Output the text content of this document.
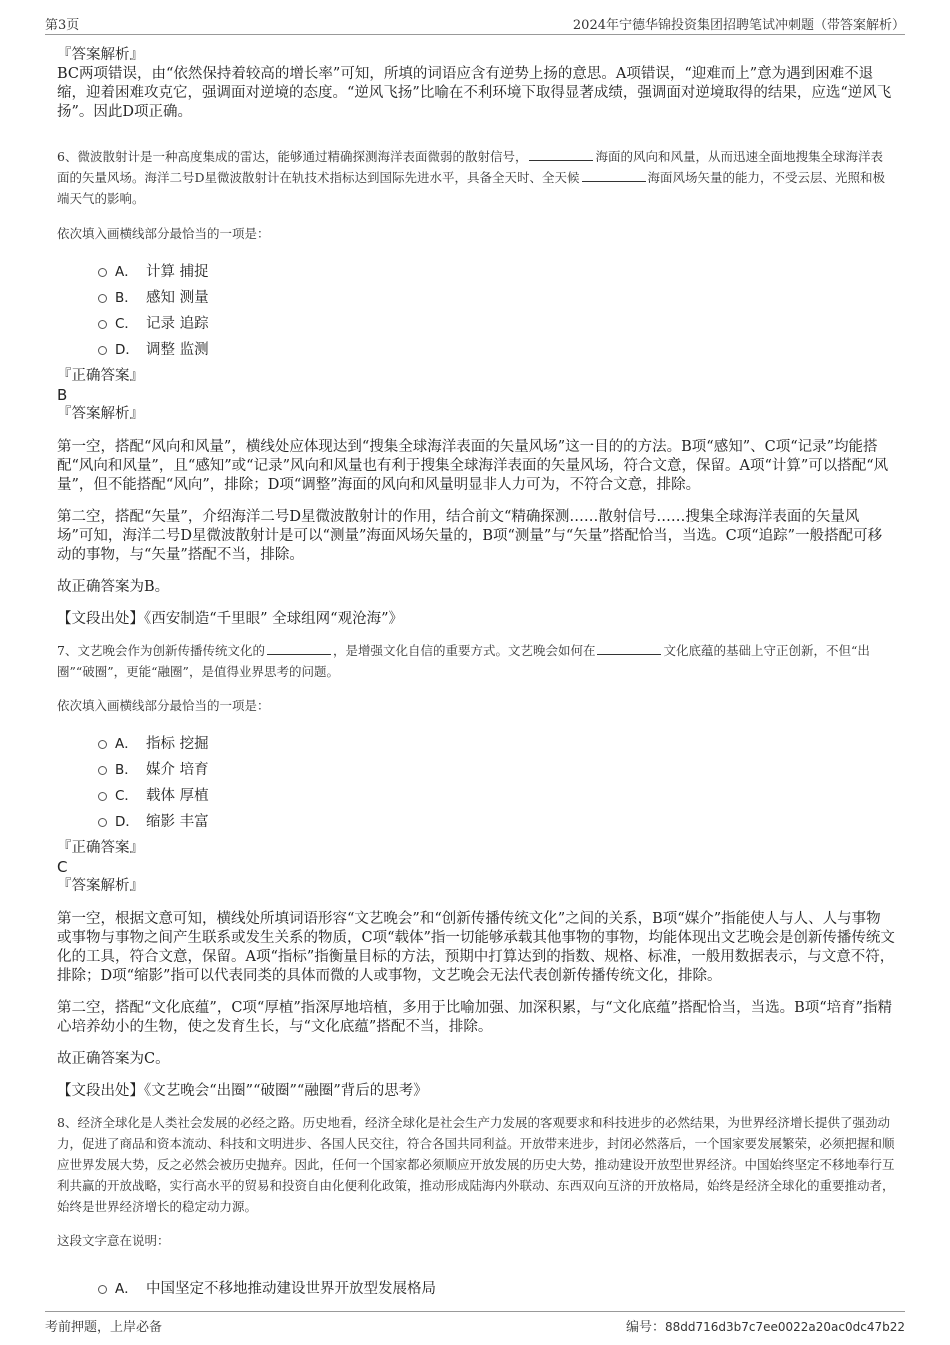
第3页	2024年宁德华锦投资集团招聘笔试冲刺题（带答案解析）

『答案解析』

BC两项错误，由“依然保持着较高的增长率”可知，所填的词语应含有逆势上扬的意思。A项错误，“迎难而上”意为遇到困难不退缩，迎着困难攻克它，强调面对逆境的态度。“逆风飞扬”比喻在不利环境下取得显著成绩，强调面对逆境取得的结果，应选“逆风飞扬”。因此D项正确。

6、微波散射计是一种高度集成的雷达，能够通过精确探测海洋表面微弱的散射信号，	海面的风向和风量，从而迅速全面地搜集全球海洋表面的矢量风场。海洋二号D星微波散射计在轨技术指标达到国际先进水平，具备全天时、全天候	海面风场矢量的能力，不受云层、光照和极端天气的影响。

依次填入画横线部分最恰当的一项是：

A． 计算 捕捉
B． 感知 测量
C． 记录 追踪
D． 调整 监测

『正确答案』

B

『答案解析』

第一空，搭配“风向和风量”，横线处应体现达到“搜集全球海洋表面的矢量风场”这一目的的方法。B项“感知”、C项“记录”均能搭配“风向和风量”，且“感知”或“记录”风向和风量也有利于搜集全球海洋表面的矢量风场，符合文意，保留。A项“计算”可以搭配“风量”，但不能搭配“风向”，排除；D项“调整”海面的风向和风量明显非人力可为，不符合文意，排除。

第二空，搭配“矢量”，介绍海洋二号D星微波散射计的作用，结合前文“精确探测……散射信号……搜集全球海洋表面的矢量风场”可知，海洋二号D星微波散射计是可以“测量”海面风场矢量的，B项“测量”与“矢量”搭配恰当，当选。C项“追踪”一般搭配可移动的事物，与“矢量”搭配不当，排除。

故正确答案为B。

【文段出处】《西安制造“千里眼” 全球组网“观沧海”》

7、文艺晚会作为创新传播传统文化的	，是增强文化自信的重要方式。文艺晚会如何在	文化底蕴的基础上守正创新，不但“出圈”“破圈”，更能“融圈”，是值得业界思考的问题。

依次填入画横线部分最恰当的一项是：

A． 指标 挖掘
B． 媒介 培育
C． 载体 厚植
D． 缩影 丰富

『正确答案』

C

『答案解析』

第一空，根据文意可知，横线处所填词语形容“文艺晚会”和“创新传播传统文化”之间的关系，B项“媒介”指能使人与人、人与事物或事物与事物之间产生联系或发生关系的物质，C项“载体”指一切能够承载其他事物的事物，均能体现出文艺晚会是创新传播传统文化的工具，符合文意，保留。A项“指标”指衡量目标的方法，预期中打算达到的指数、规格、标准，一般用数据表示，与文意不符，排除；D项“缩影”指可以代表同类的具体而微的人或事物，文艺晚会无法代表创新传播传统文化，排除。

第二空，搭配“文化底蕴”，C项“厚植”指深厚地培植，多用于比喻加强、加深积累，与“文化底蕴”搭配恰当，当选。B项“培育”指精心培养幼小的生物，使之发育生长，与“文化底蕴”搭配不当，排除。

故正确答案为C。

【文段出处】《文艺晚会“出圈”“破圈”“融圈”背后的思考》

8、经济全球化是人类社会发展的必经之路。历史地看，经济全球化是社会生产力发展的客观要求和科技进步的必然结果，为世界经济增长提供了强劲动力，促进了商品和资本流动、科技和文明进步、各国人民交往，符合各国共同利益。开放带来进步，封闭必然落后，一个国家要发展繁荣，必须把握和顺应世界发展大势，反之必然会被历史抛弃。因此，任何一个国家都必须顺应开放发展的历史大势，推动建设开放型世界经济。中国始终坚定不移地奉行互利共赢的开放战略，实行高水平的贸易和投资自由化便利化政策，推动形成陆海内外联动、东西双向互济的开放格局，始终是经济全球化的重要推动者，始终是世界经济增长的稳定动力源。

这段文字意在说明：

A． 中国坚定不移地推动建设世界开放型发展格局
考前押题，上岸必备	编号：88dd716d3b7c7ee0022a20ac0dc47b22
